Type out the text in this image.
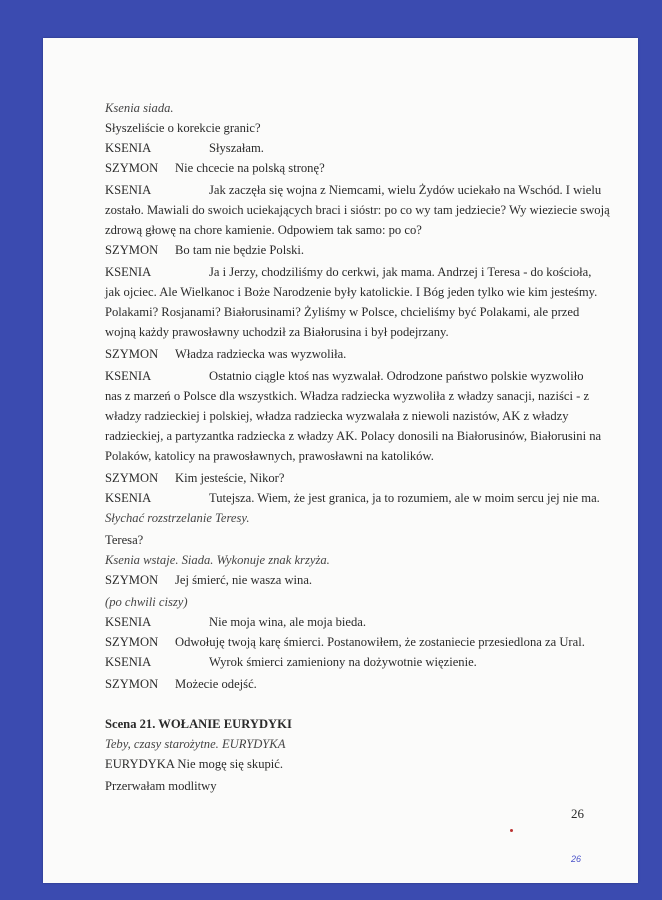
Ksenia siada.
Słyszeliście o korekcie granic?
KSENIA	Słyszałam.
SZYMON Nie chcecie na polską stronę?
KSENIA	Jak zaczęła się wojna z Niemcami, wielu Żydów uciekało na Wschód. I wielu
zostało. Mawiali do swoich uciekających braci i sióstr: po co wy tam jedziecie? Wy wieziecie swoją
zdrową głowę na chore kamienie. Odpowiem tak samo: po co?
SZYMON Bo tam nie będzie Polski.
KSENIA	Ja i Jerzy, chodziliśmy do cerkwi, jak mama. Andrzej i Teresa - do kościoła,
jak ojciec. Ale Wielkanoc i Boże Narodzenie były katolickie. I Bóg jeden tylko wie kim jesteśmy.
Polakami? Rosjanami? Białorusinami? Żyliśmy w Polsce, chcieliśmy być Polakami, ale przed
wojną każdy prawosławny uchodził za Białorusina i był podejrzany.
SZYMON Władza radziecka was wyzwoliła.
KSENIA	Ostatnio ciągle ktoś nas wyzwalał. Odrodzone państwo polskie wyzwoliło
nas z marzeń o Polsce dla wszystkich. Władza radziecka wyzwoliła z władzy sanacji, naziści - z
władzy radzieckiej i polskiej, władza radziecka wyzwalała z niewoli nazistów, AK z władzy
radzieckiej, a partyzantka radziecka z władzy AK. Polacy donosili na Białorusinów, Białorusini na
Polaków, katolicy na prawosławnych, prawosławni na katolików.
SZYMON Kim jesteście, Nikor?
KSENIA	Tutejsza. Wiem, że jest granica, ja to rozumiem, ale w moim sercu jej nie ma.
Słychać rozstrzelanie Teresy.
Teresa?
Ksenia wstaje. Siada. Wykonuje znak krzyża.
SZYMON Jej śmierć, nie wasza wina.
(po chwili ciszy)
KSENIA	Nie moja wina, ale moja bieda.
SZYMON Odwołuję twoją karę śmierci. Postanowiłem, że zostaniecie przesiedlona za Ural.
KSENIA	Wyrok śmierci zamieniony na dożywotnie więzienie.
SZYMON Możecie odejść.
Scena 21. WOŁANIE EURYDYKI
Teby, czasy starożytne. EURYDYKA
EURYDYKA Nie mogę się skupić.
Przerwałam modlitwy
26
26
